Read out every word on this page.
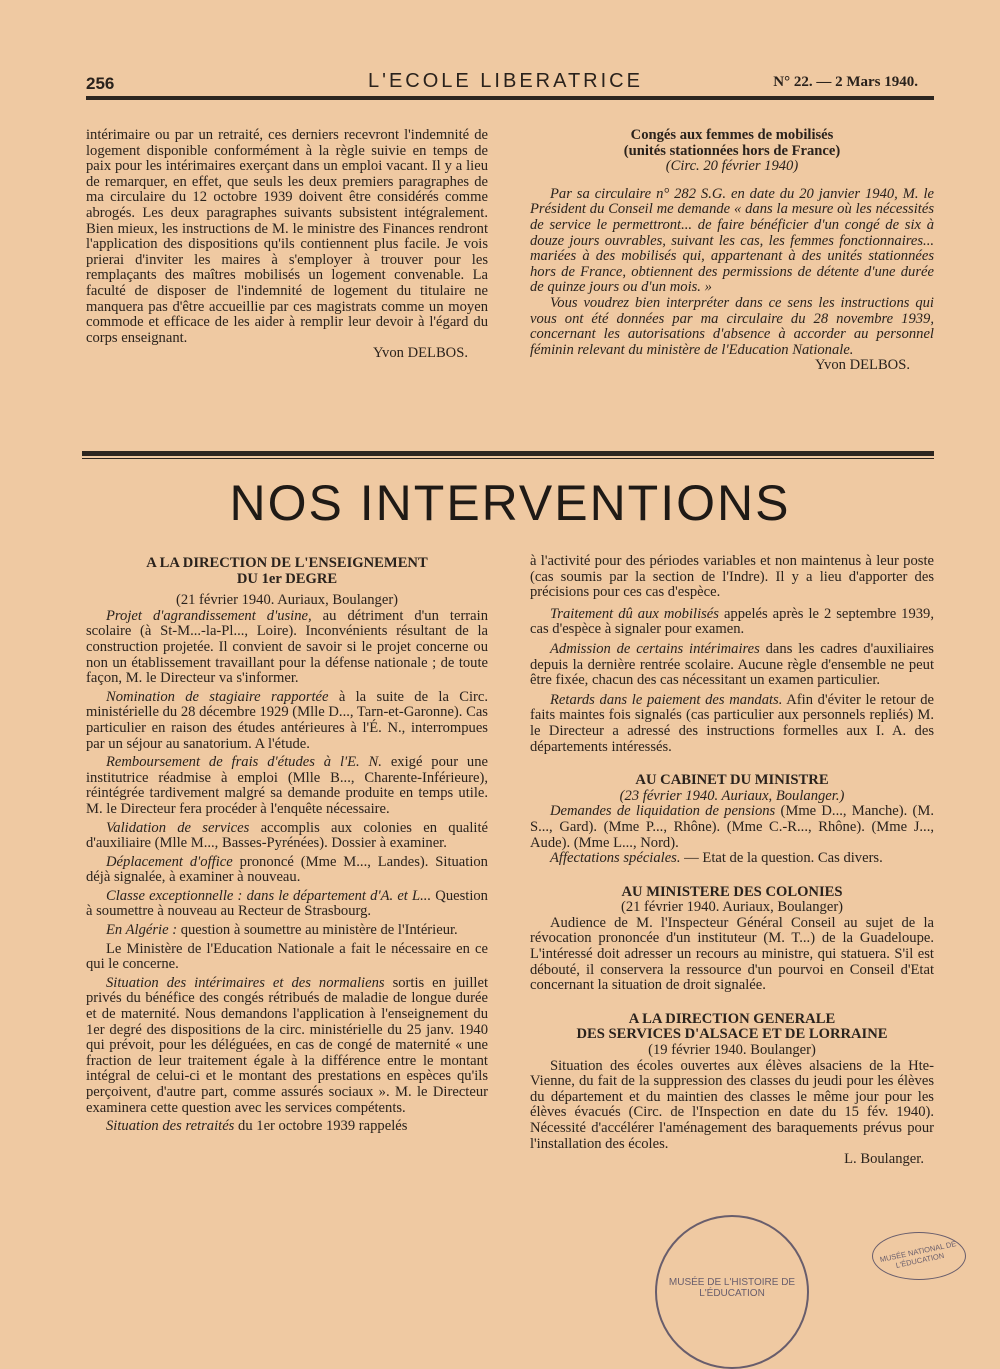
256	L'ECOLE LIBERATRICE	N° 22. — 2 Mars 1940.

intérimaire ou par un retraité, ces derniers recevront l'indemnité de logement disponible conformément à la règle suivie en temps de paix pour les intérimaires exerçant dans un emploi vacant. Il y a lieu de remarquer, en effet, que seuls les deux premiers paragraphes de ma circulaire du 12 octobre 1939 doivent être considérés comme abrogés. Les deux paragraphes suivants subsistent intégralement. Bien mieux, les instructions de M. le ministre des Finances rendront l'application des dispositions qu'ils contiennent plus facile. Je vois prierai d'inviter les maires à s'employer à trouver pour les remplaçants des maîtres mobilisés un logement convenable. La faculté de disposer de l'indemnité de logement du titulaire ne manquera pas d'être accueillie par ces magistrats comme un moyen commode et efficace de les aider à remplir leur devoir à l'égard du corps enseignant.

Yvon DELBOS.

Congés aux femmes de mobilisés

(unités stationnées hors de France)

(Circ. 20 février 1940)

Par sa circulaire n° 282 S.G. en date du 20 janvier 1940, M. le Président du Conseil me demande « dans la mesure où les nécessités de service le permettront... de faire bénéficier d'un congé de six à douze jours ouvrables, suivant les cas, les femmes fonctionnaires... mariées à des mobilisés qui, appartenant à des unités stationnées hors de France, obtiennent des permissions de détente d'une durée de quinze jours ou d'un mois. »

Vous voudrez bien interpréter dans ce sens les instructions qui vous ont été données par ma circulaire du 28 novembre 1939, concernant les autorisations d'absence à accorder au personnel féminin relevant du ministère de l'Education Nationale.

Yvon DELBOS.

NOS INTERVENTIONS

A LA DIRECTION DE L'ENSEIGNEMENT

DU 1er DEGRE

(21 février 1940. Auriaux, Boulanger)

Projet d'agrandissement d'usine, au détriment d'un terrain scolaire (à St-M...-la-Pl..., Loire). Inconvénients résultant de la construction projetée. Il convient de savoir si le projet concerne ou non un établissement travaillant pour la défense nationale ; de toute façon, M. le Directeur va s'informer.

Nomination de stagiaire rapportée à la suite de la Circ. ministérielle du 28 décembre 1929 (Mlle D..., Tarn-et-Garonne). Cas particulier en raison des études antérieures à l'É. N., interrompues par un séjour au sanatorium. A l'étude.

Remboursement de frais d'études à l'E. N. exigé pour une institutrice réadmise à emploi (Mlle B..., Charente-Inférieure), réintégrée tardivement malgré sa demande produite en temps utile. M. le Directeur fera procéder à l'enquête nécessaire.

Validation de services accomplis aux colonies en qualité d'auxiliaire (Mlle M..., Basses-Pyrénées). Dossier à examiner.

Déplacement d'office prononcé (Mme M..., Landes). Situation déjà signalée, à examiner à nouveau.

Classe exceptionnelle : dans le département d'A. et L... Question à soumettre à nouveau au Recteur de Strasbourg.

En Algérie : question à soumettre au ministère de l'Intérieur.

Le Ministère de l'Education Nationale a fait le nécessaire en ce qui le concerne.

Situation des intérimaires et des normaliens sortis en juillet privés du bénéfice des congés rétribués de maladie de longue durée et de maternité. Nous demandons l'application à l'enseignement du 1er degré des dispositions de la circ. ministérielle du 25 janv. 1940 qui prévoit, pour les déléguées, en cas de congé de maternité « une fraction de leur traitement égale à la différence entre le montant intégral de celui-ci et le montant des prestations en espèces qu'ils perçoivent, d'autre part, comme assurés sociaux ». M. le Directeur examinera cette question avec les services compétents.

Situation des retraités du 1er octobre 1939 rappelés

à l'activité pour des périodes variables et non maintenus à leur poste (cas soumis par la section de l'Indre). Il y a lieu d'apporter des précisions pour ces cas d'espèce.

Traitement dû aux mobilisés appelés après le 2 septembre 1939, cas d'espèce à signaler pour examen.

Admission de certains intérimaires dans les cadres d'auxiliaires depuis la dernière rentrée scolaire. Aucune règle d'ensemble ne peut être fixée, chacun des cas nécessitant un examen particulier.

Retards dans le paiement des mandats. Afin d'éviter le retour de faits maintes fois signalés (cas particulier aux personnels repliés) M. le Directeur a adressé des instructions formelles aux I. A. des départements intéressés.

AU CABINET DU MINISTRE

(23 février 1940. Auriaux, Boulanger.)

Demandes de liquidation de pensions (Mme D..., Manche). (M. S..., Gard). (Mme P..., Rhône). (Mme C.-R..., Rhône). (Mme J..., Aude). (Mme L..., Nord).

Affectations spéciales. — Etat de la question. Cas divers.

AU MINISTERE DES COLONIES

(21 février 1940. Auriaux, Boulanger)

Audience de M. l'Inspecteur Général Conseil au sujet de la révocation prononcée d'un instituteur (M. T...) de la Guadeloupe. L'intéressé doit adresser un recours au ministre, qui statuera. S'il est débouté, il conservera la ressource d'un pourvoi en Conseil d'Etat concernant la situation de droit signalée.

A LA DIRECTION GENERALE

DES SERVICES D'ALSACE ET DE LORRAINE

(19 février 1940. Boulanger)

Situation des écoles ouvertes aux élèves alsaciens de la Hte-Vienne, du fait de la suppression des classes du jeudi pour les élèves du département et du maintien des classes le même jour pour les élèves évacués (Circ. de l'Inspection en date du 15 fév. 1940). Nécessité d'accélérer l'aménagement des baraquements prévus pour l'installation des écoles.

L. Boulanger.

MUSÉE DE L'HISTOIRE DE L'ÉDUCATION
MUSÉE NATIONAL DE L'ÉDUCATION
